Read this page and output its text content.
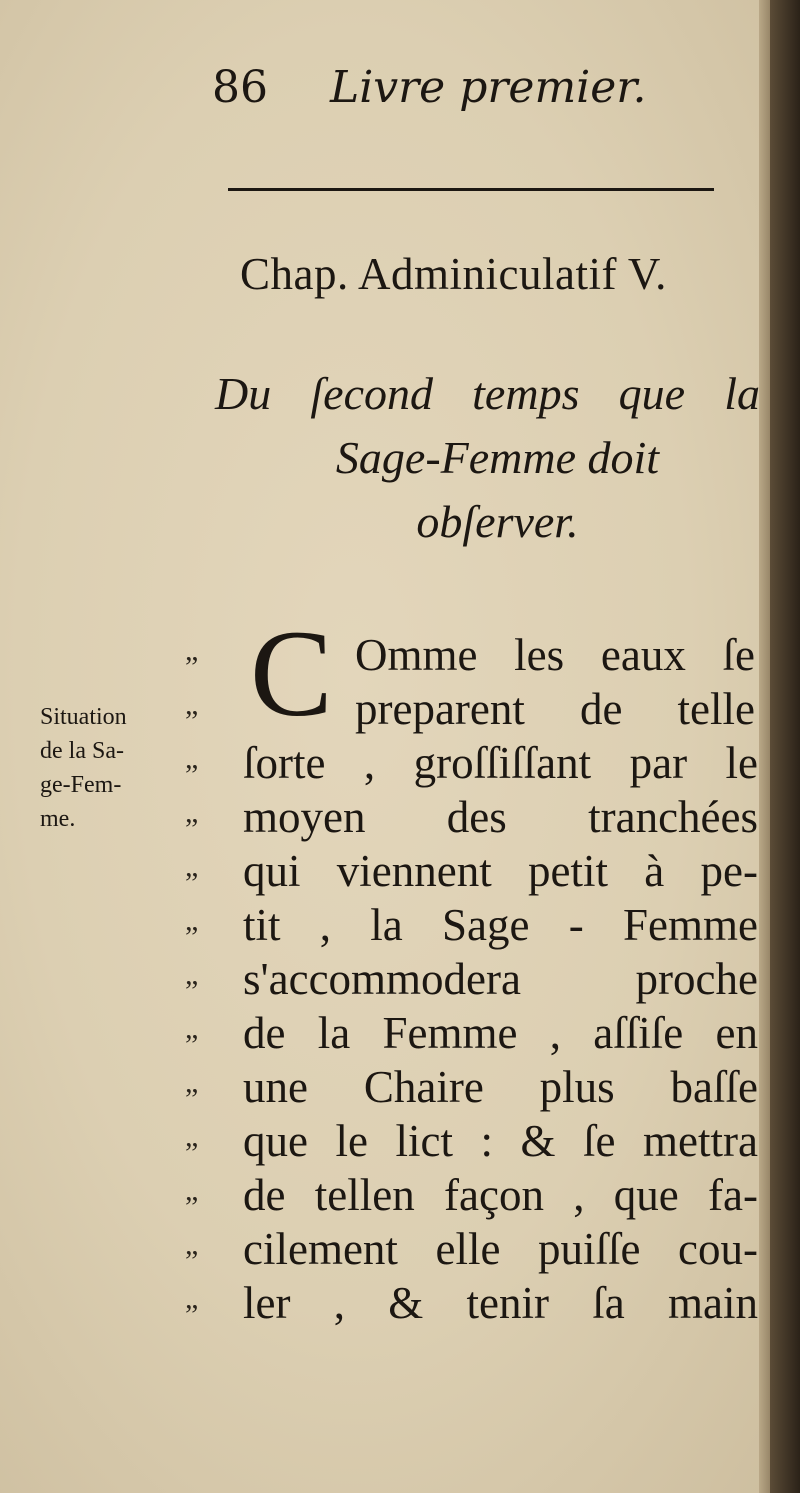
86 Livre premier.
Chap. Adminiculatif V.
Du ſecond temps que la
Sage-Femme doit
obſerver.
Situation
de la Sa-
ge-Fem-
me.
C
„	Omme les eaux ſe
„	preparent de telle
„ ſorte , groſſiſſant par le
„ moyen des tranchées
„ qui viennent petit à pe-
„ tit , la Sage - Femme
„ s'accommodera proche
„ de la Femme , aſſiſe en
„ une Chaire plus baſſe
„ que le lict : & ſe mettra
„ de tellen façon , que fa-
„ cilement elle puiſſe cou-
„ ler , & tenir ſa main
